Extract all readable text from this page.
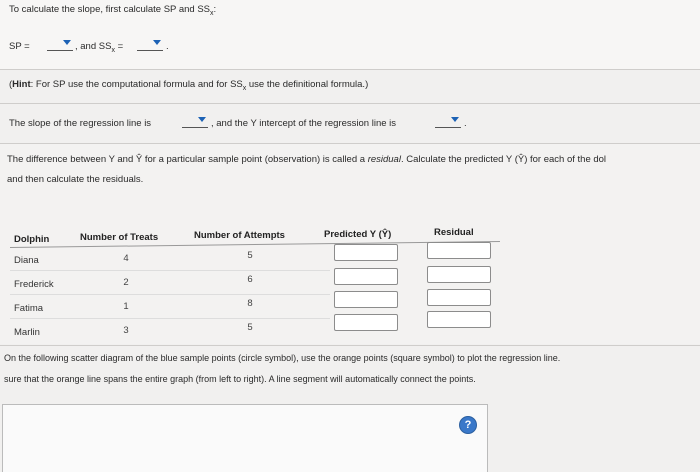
To calculate the slope, first calculate SP and $SS_x$:
SP =	, and $SS_x$ =	.
(Hint: For SP use the computational formula and for $SS_x$ use the definitional formula.)
The slope of the regression line is	, and the Y intercept of the regression line is	.
The difference between Y and Ŷ for a particular sample point (observation) is called a residual. Calculate the predicted Y (Ŷ) for each of the dol
and then calculate the residuals.
Dolphin	Number of Treats	Number of Attempts	Predicted Y (Ŷ)	Residual
Diana	4	5
Frederick	2	6
Fatima	1	8
Marlin	3	5
On the following scatter diagram of the blue sample points (circle symbol), use the orange points (square symbol) to plot the regression line.
sure that the orange line spans the entire graph (from left to right). A line segment will automatically connect the points.
?
